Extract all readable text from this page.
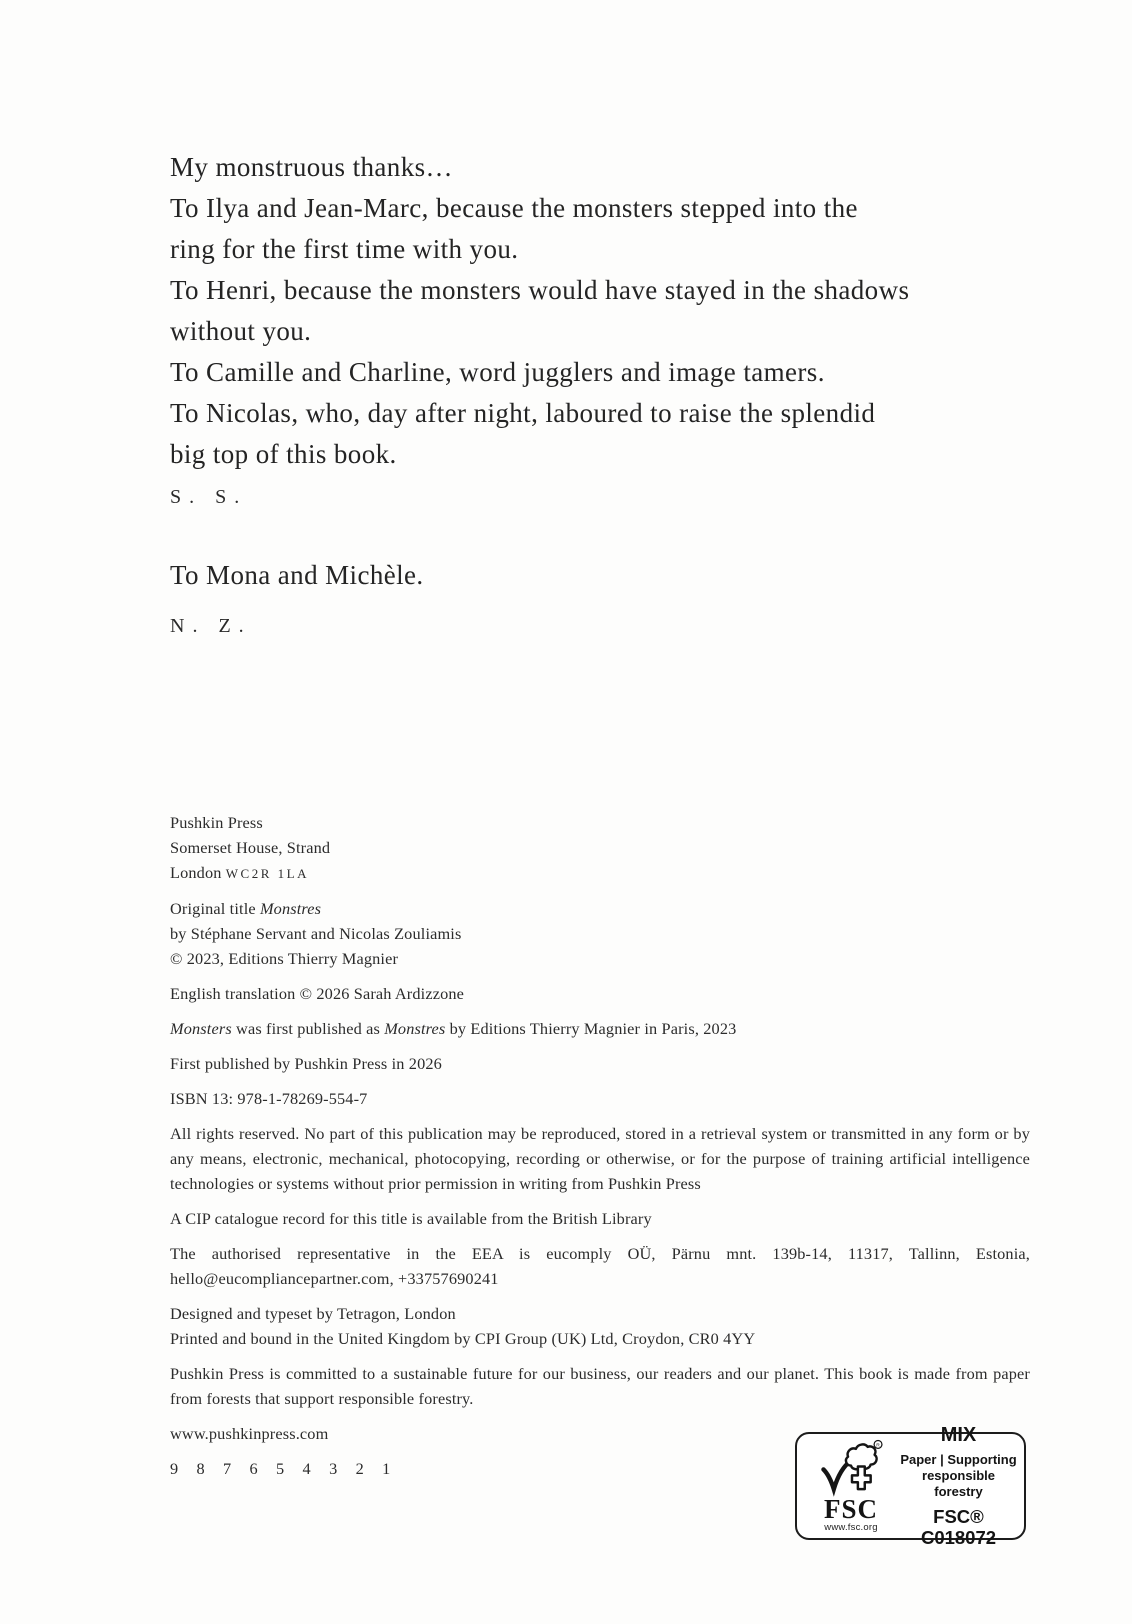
My monstruous thanks…
To Ilya and Jean-Marc, because the monsters stepped into the
ring for the first time with you.
To Henri, because the monsters would have stayed in the shadows
without you.
To Camille and Charline, word jugglers and image tamers.
To Nicolas, who, day after night, laboured to raise the splendid
big top of this book.

S. S.

To Mona and Michèle.

N. Z.

Pushkin Press
Somerset House, Strand
London WC2R 1LA
Original title Monstres
by Stéphane Servant and Nicolas Zouliamis
© 2023, Editions Thierry Magnier

English translation © 2026 Sarah Ardizzone

Monsters was first published as Monstres by Editions Thierry Magnier in Paris, 2023

First published by Pushkin Press in 2026

ISBN 13: 978-1-78269-554-7

All rights reserved. No part of this publication may be reproduced, stored in a retrieval system or transmitted in any form or by any means, electronic, mechanical, photocopying, recording or otherwise, or for the purpose of training artificial intelligence technologies or systems without prior permission in writing from Pushkin Press

A CIP catalogue record for this title is available from the British Library

The authorised representative in the EEA is eucomply OÜ, Pärnu mnt. 139b-14, 11317, Tallinn, Estonia, hello@eucompliancepartner.com, +33757690241

Designed and typeset by Tetragon, London
Printed and bound in the United Kingdom by CPI Group (UK) Ltd, Croydon, CR0 4YY

Pushkin Press is committed to a sustainable future for our business, our readers and our planet. This book is made from paper from forests that support responsible forestry.

www.pushkinpress.com

9 8 7 6 5 4 3 2 1

R
FSC
www.fsc.org
MIX
Paper | Supporting
responsible forestry
FSC® C018072
